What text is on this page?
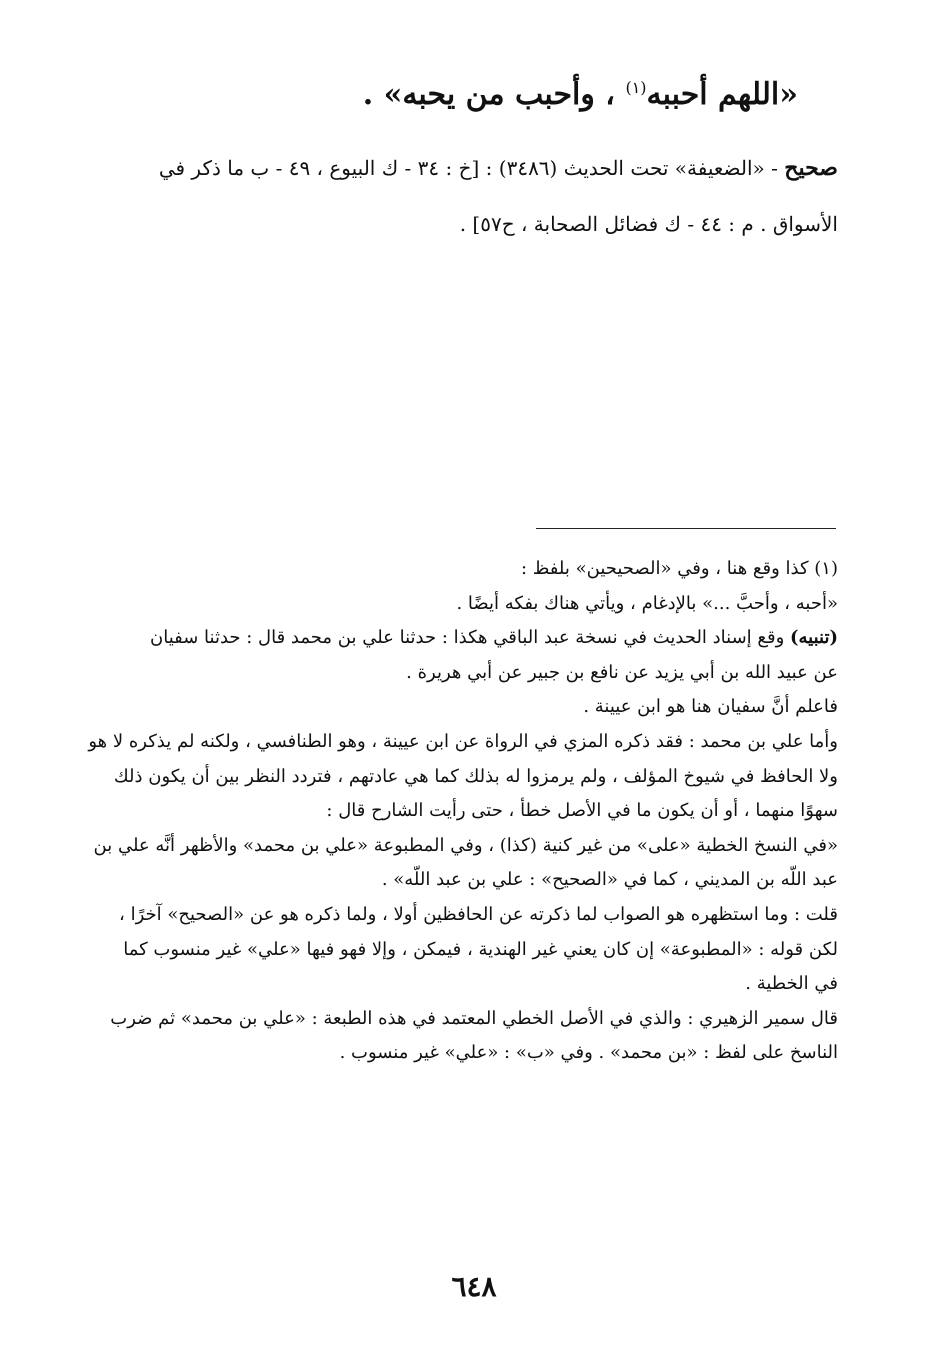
«اللهم أحببه$^{(١)}$ ، وأحبب من يحبه» .

صحيح - «الضعيفة» تحت الحديث (٣٤٨٦) : [خ : ٣٤ - ك البيوع ، ٤٩ - ب ما ذكر في

الأسواق . م : ٤٤ - ك فضائل الصحابة ، ح٥٧] .

(١) كذا وقع هنا ، وفي «الصحيحين» بلفظ :

«أحبه ، وأحبَّ ...» بالإدغام ، ويأتي هناك بفكه أيضًا .

(تنبيه) وقع إسناد الحديث في نسخة عبد الباقي هكذا : حدثنا علي بن محمد قال : حدثنا سفيان

عن عبيد الله بن أبي يزيد عن نافع بن جبير عن أبي هريرة .

فاعلم أنَّ سفيان هنا هو ابن عيينة .

وأما علي بن محمد : فقد ذكره المزي في الرواة عن ابن عيينة ، وهو الطنافسي ، ولكنه لم يذكره لا هو

ولا الحافظ في شيوخ المؤلف ، ولم يرمزوا له بذلك كما هي عادتهم ، فتردد النظر بين أن يكون ذلك

سهوًا منهما ، أو أن يكون ما في الأصل خطأ ، حتى رأيت الشارح قال :

«في النسخ الخطية «على» من غير كنية (كذا) ، وفي المطبوعة «علي بن محمد» والأظهر أنَّه علي بن

عبد اللّه بن المديني ، كما في «الصحيح» : علي بن عبد اللّه» .

قلت : وما استظهره هو الصواب لما ذكرته عن الحافظين أولا ، ولما ذكره هو عن «الصحيح» آخرًا ،

لكن قوله : «المطبوعة» إن كان يعني غير الهندية ، فيمكن ، وإلا فهو فيها «علي» غير منسوب كما

في الخطية .

قال سمير الزهيري : والذي في الأصل الخطي المعتمد في هذه الطبعة : «علي بن محمد» ثم ضرب

الناسخ على لفظ : «بن محمد» . وفي «ب» : «علي» غير منسوب .

٦٤٨
